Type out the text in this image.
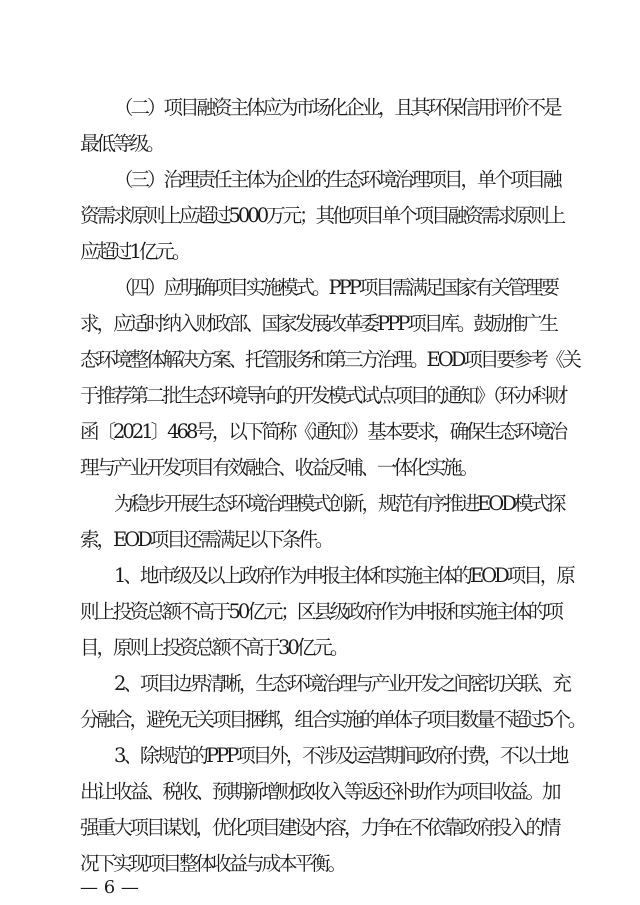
（二）项目融资主体应为市场化企业，且其环保信用评价不是
最低等级。
（三）治理责任主体为企业的生态环境治理项目，单个项目融
资需求原则上应超过5000万元；其他项目单个项目融资需求原则上
应超过1亿元。
（四）应明确项目实施模式。PPP项目需满足国家有关管理要
求，应适时纳入财政部、国家发展改革委PPP项目库。鼓励推广生
态环境整体解决方案、托管服务和第三方治理。EOD项目要参考《关
于推荐第二批生态环境导向的开发模式试点项目的通知》（环办科财
函〔2021〕468号，以下简称《通知》）基本要求，确保生态环境治
理与产业开发项目有效融合、收益反哺、一体化实施。
为稳步开展生态环境治理模式创新，规范有序推进EOD模式探
索，EOD项目还需满足以下条件。
1、地市级及以上政府作为申报主体和实施主体的EOD项目，原
则上投资总额不高于50亿元；区县级政府作为申报和实施主体的项
目，原则上投资总额不高于30亿元。
2、项目边界清晰，生态环境治理与产业开发之间密切关联、充
分融合，避免无关项目捆绑，组合实施的单体子项目数量不超过5个。
3、除规范的PPP项目外，不涉及运营期间政府付费，不以土地
出让收益、税收、预期新增财政收入等返还补助作为项目收益。加
强重大项目谋划，优化项目建设内容，力争在不依靠政府投入的情
况下实现项目整体收益与成本平衡。
— 6 —
